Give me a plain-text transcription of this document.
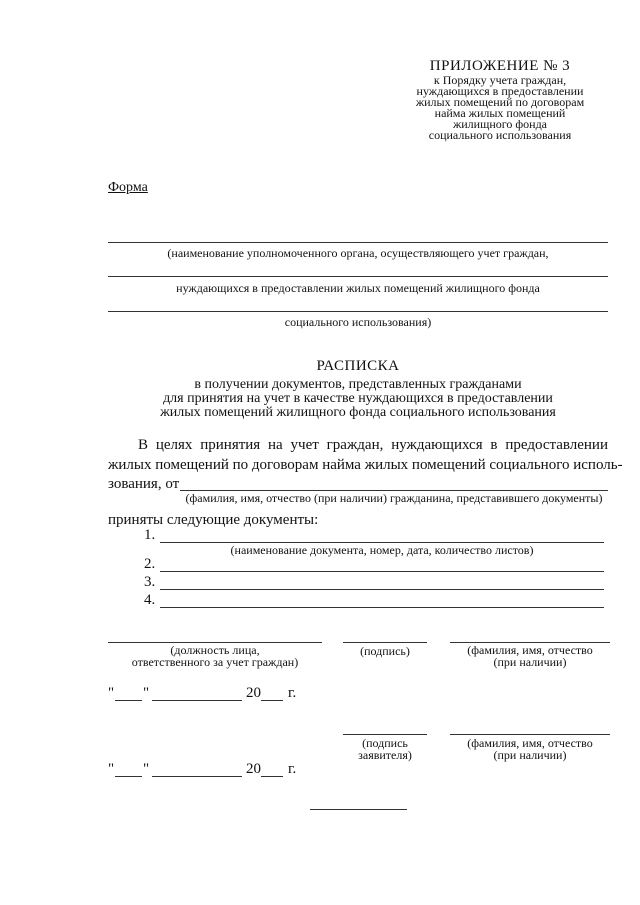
ПРИЛОЖЕНИЕ № 3
к Порядку учета граждан,
нуждающихся в предоставлении
жилых помещений по договорам
найма жилых помещений
жилищного фонда
социального использования
Форма
(наименование уполномоченного органа, осуществляющего учет граждан,
нуждающихся в предоставлении жилых помещений жилищного фонда
социального использования)
РАСПИСКА
в получении документов, представленных гражданами
для принятия на учет в качестве нуждающихся в предоставлении
жилых помещений жилищного фонда социального использования
В целях принятия на учет граждан, нуждающихся в предоставлении
жилых помещений по договорам найма жилых помещений социального исполь-
зования, от
(фамилия, имя, отчество (при наличии) гражданина, представившего документы)
приняты следующие документы:
1.
(наименование документа, номер, дата, количество листов)
2.
3.
4.
(должность лица,
ответственного за учет граждан)
(подпись)	(фамилия, имя, отчество
(при наличии)
" "	20 г.
(подпись
заявителя)
(фамилия, имя, отчество
(при наличии)
" "	20 г.
